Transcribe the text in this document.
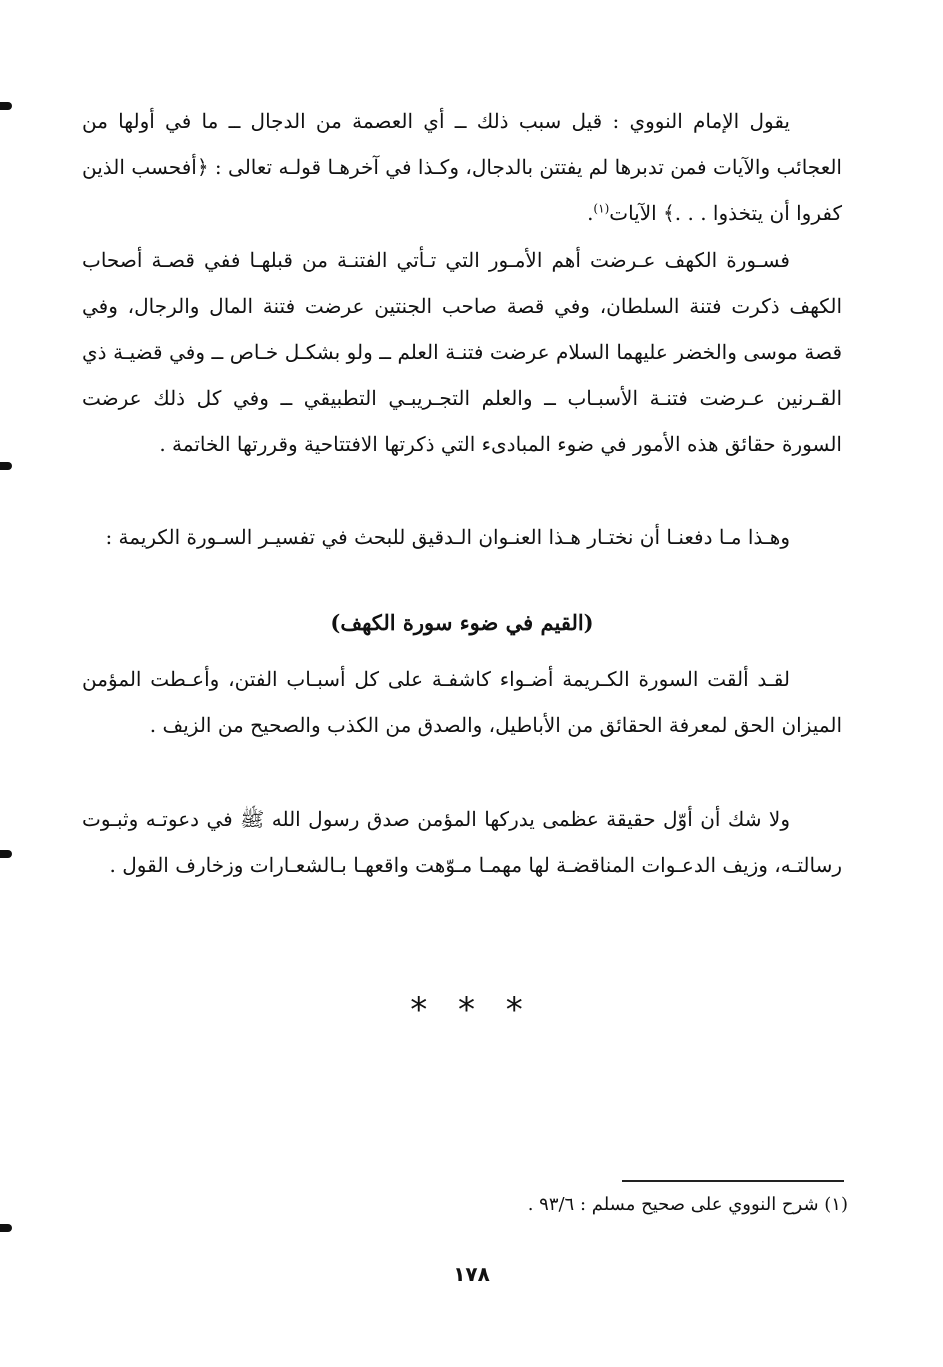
يقول الإمام النووي : قيل سبب ذلك ــ أي العصمة من الدجال ــ ما في أولها من العجائب والآيات فمن تدبرها لم يفتتن بالدجال، وكـذا في آخرهـا قولـه تعالى : ﴿أفحسب الذين كفروا أن يتخذوا . . .﴾ الآيات$^{(١)}$.
فسـورة الكهف عـرضت أهم الأمـور التي تـأتي الفتنـة من قبلهـا ففي قصـة أصحاب الكهف ذكرت فتنة السلطان، وفي قصة صاحب الجنتين عرضت فتنة المال والرجال، وفي قصة موسى والخضر عليهما السلام عرضت فتنـة العلم ــ ولو بشكـل خـاص ــ وفي قضيـة ذي القـرنين عـرضت فتنـة الأسبـاب ــ والعلم التجـريبـي التطبيقي ــ وفي كل ذلك عرضت السورة حقائق هذه الأمور في ضوء المبادىء التي ذكرتها الافتتاحية وقررتها الخاتمة .
وهـذا مـا دفعنـا أن نختـار هـذا العنـوان الـدقيق للبحث في تفسيـر السـورة الكريمة :
(القيم في ضوء سورة الكهف)
لقـد ألقت السورة الكـريمة أضـواء كاشفـة على كل أسبـاب الفتن، وأعـطت المؤمن الميزان الحق لمعرفة الحقائق من الأباطيل، والصدق من الكذب والصحيح من الزيف .
ولا شك أن أوّل حقيقة عظمى يدركها المؤمن صدق رسول الله ﷺ في دعوتـه وثبـوت رسالتـه، وزيف الدعـوات المناقضـة لها مهمـا مـوّهت واقعهـا بـالشعـارات وزخارف القول .
* * *
(١) شرح النووي على صحيح مسلم : ٩٣/٦ .
١٧٨
